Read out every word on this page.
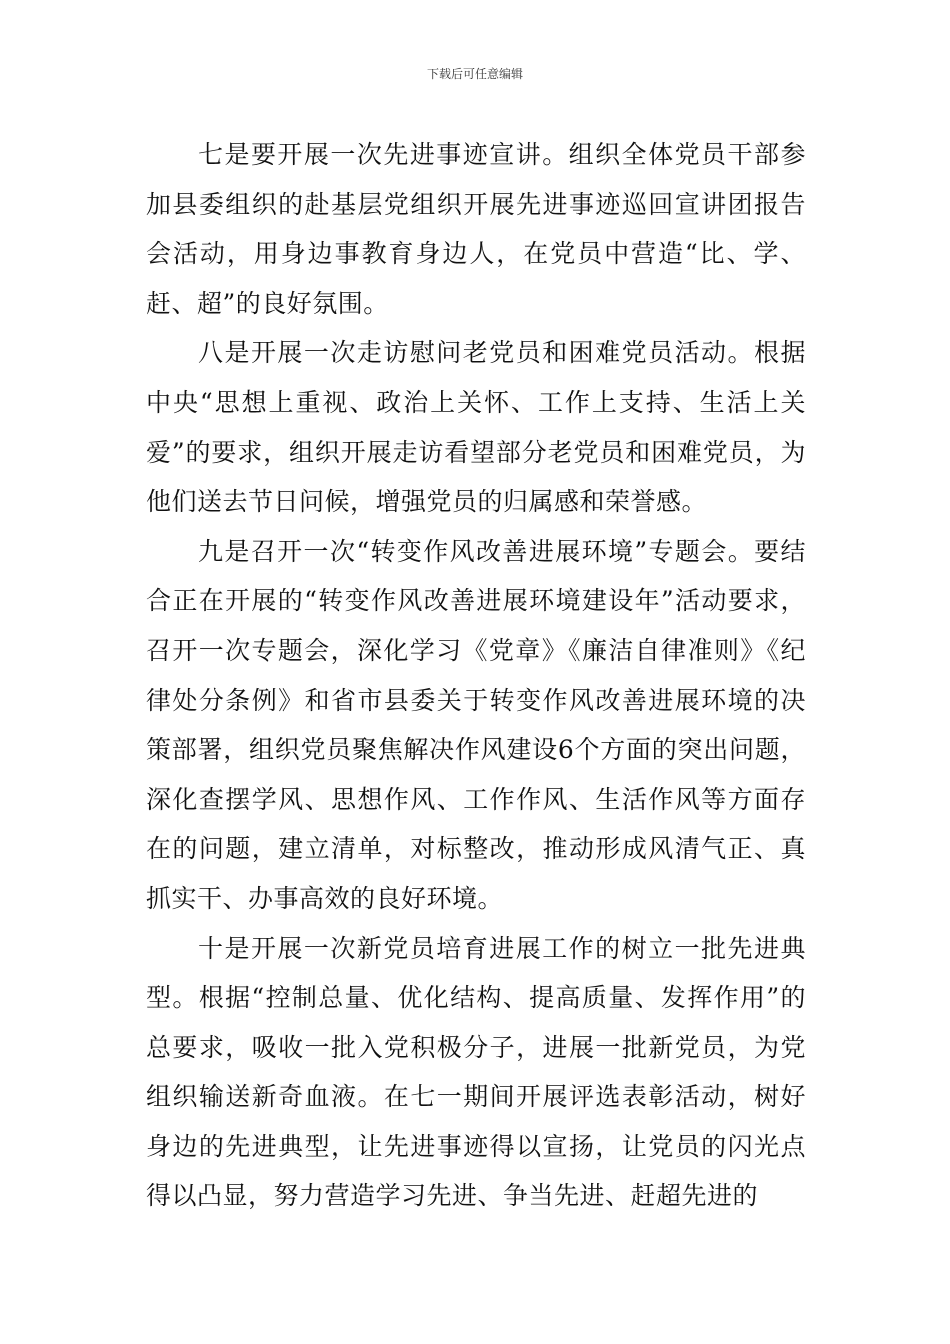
下载后可任意编辑

七是要开展一次先进事迹宣讲。组织全体党员干部参加县委组织的赴基层党组织开展先进事迹巡回宣讲团报告会活动，用身边事教育身边人，在党员中营造“比、学、赶、超”的良好氛围。

八是开展一次走访慰问老党员和困难党员活动。根据中央“思想上重视、政治上关怀、工作上支持、生活上关爱”的要求，组织开展走访看望部分老党员和困难党员，为他们送去节日问候，增强党员的归属感和荣誉感。

九是召开一次“转变作风改善进展环境”专题会。要结合正在开展的“转变作风改善进展环境建设年”活动要求，召开一次专题会，深化学习《党章》《廉洁自律准则》《纪律处分条例》和省市县委关于转变作风改善进展环境的决策部署，组织党员聚焦解决作风建设6个方面的突出问题，深化查摆学风、思想作风、工作作风、生活作风等方面存在的问题，建立清单，对标整改，推动形成风清气正、真抓实干、办事高效的良好环境。

十是开展一次新党员培育进展工作的树立一批先进典型。根据“控制总量、优化结构、提高质量、发挥作用”的总要求，吸收一批入党积极分子，进展一批新党员，为党组织输送新奇血液。在七一期间开展评选表彰活动，树好身边的先进典型，让先进事迹得以宣扬，让党员的闪光点得以凸显，努力营造学习先进、争当先进、赶超先进的
